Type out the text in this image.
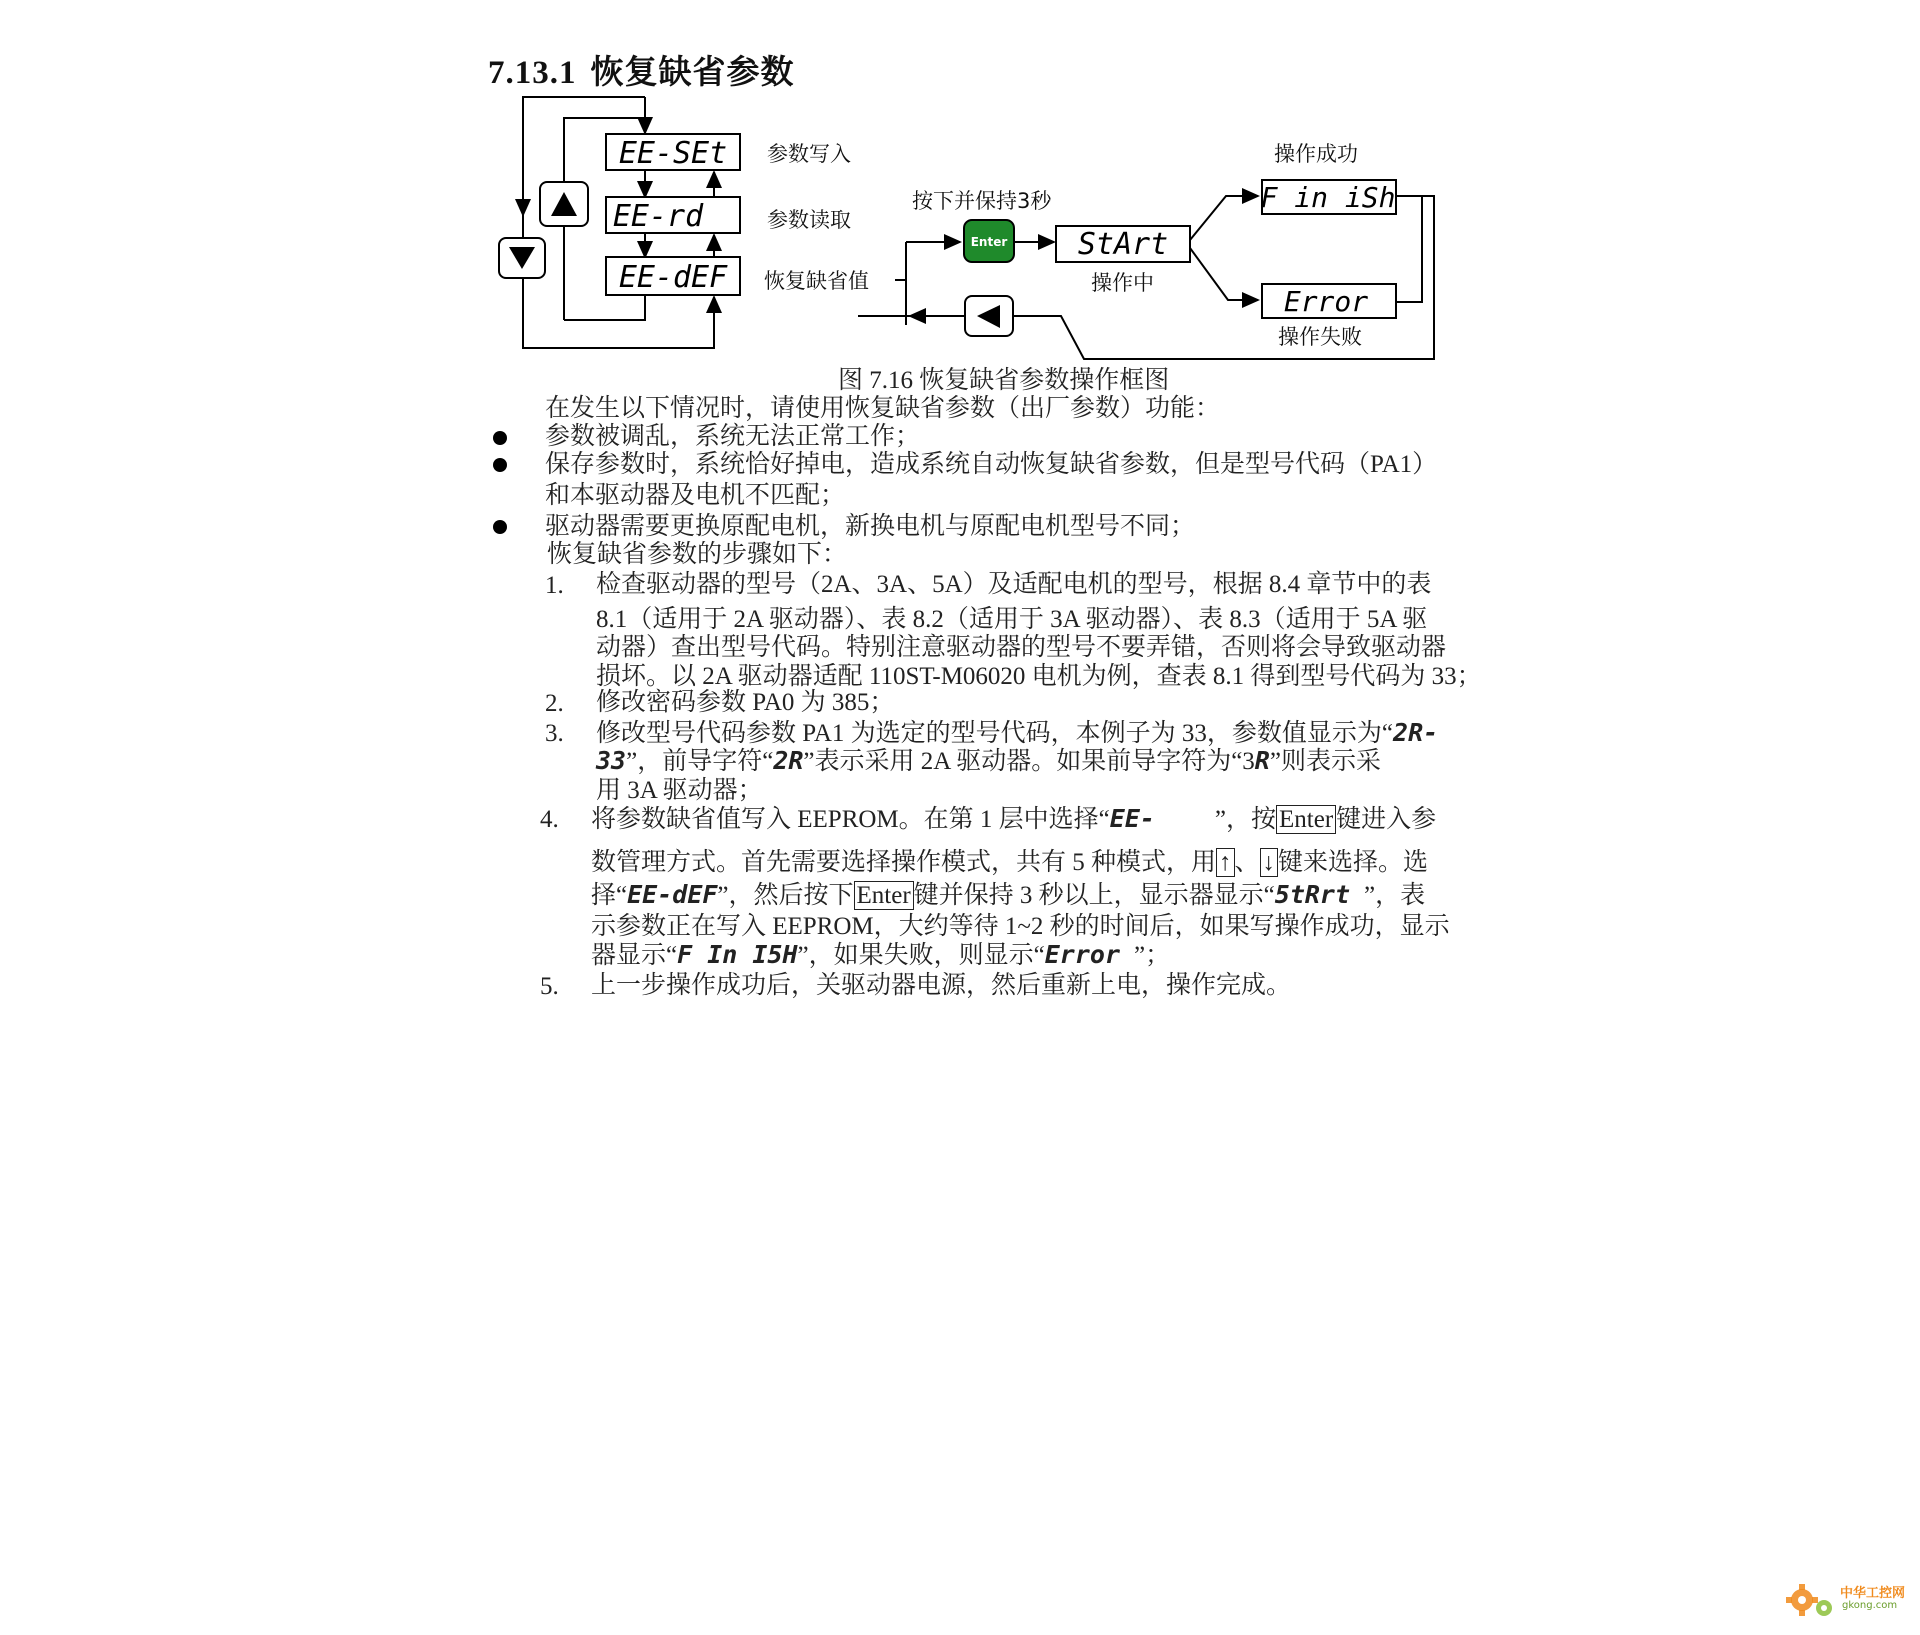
7.13.1 恢复缺省参数
EE-SEt
EE-rd
EE-dEF
参数写入
参数读取
恢复缺省值
按下并保持3秒
Enter StArt
操作中
操作成功
F in iSh
Error
操作失败
图 7.16 恢复缺省参数操作框图
在发生以下情况时，请使用恢复缺省参数（出厂参数）功能：
参数被调乱，系统无法正常工作；
保存参数时，系统恰好掉电，造成系统自动恢复缺省参数，但是型号代码（PA1）
和本驱动器及电机不匹配；
驱动器需要更换原配电机，新换电机与原配电机型号不同；
恢复缺省参数的步骤如下：
1. 检查驱动器的型号（2A、3A、5A）及适配电机的型号，根据 8.4 章节中的表
8.1（适用于 2A 驱动器）、表 8.2（适用于 3A 驱动器）、表 8.3（适用于 5A 驱
动器）查出型号代码。特别注意驱动器的型号不要弄错，否则将会导致驱动器
损坏。以 2A 驱动器适配 110ST-M06020 电机为例，查表 8.1 得到型号代码为 33；
2. 修改密码参数 PA0 为 385；
3. 修改型号代码参数 PA1 为选定的型号代码，本例子为 33，参数值显示为“2R-
33”，前导字符“2R”表示采用 2A 驱动器。如果前导字符为“3R”则表示采
用 3A 驱动器；
4. 将参数缺省值写入 EEPROM。在第 1 层中选择“EE- ”，按 Enter 键进入参
数管理方式。首先需要选择操作模式，共有 5 种模式，用 ↑ 、 ↓ 键来选择。选
择“EE-dEF”，然后按下 Enter 键并保持 3 秒以上，显示器显示“5tRrt ”，表
示参数正在写入 EEPROM，大约等待 1~2 秒的时间后，如果写操作成功，显示
器显示“F In I5H”，如果失败，则显示“Error ”；
5. 上一步操作成功后，关驱动器电源，然后重新上电，操作完成。
中华工控网
gkong.com
